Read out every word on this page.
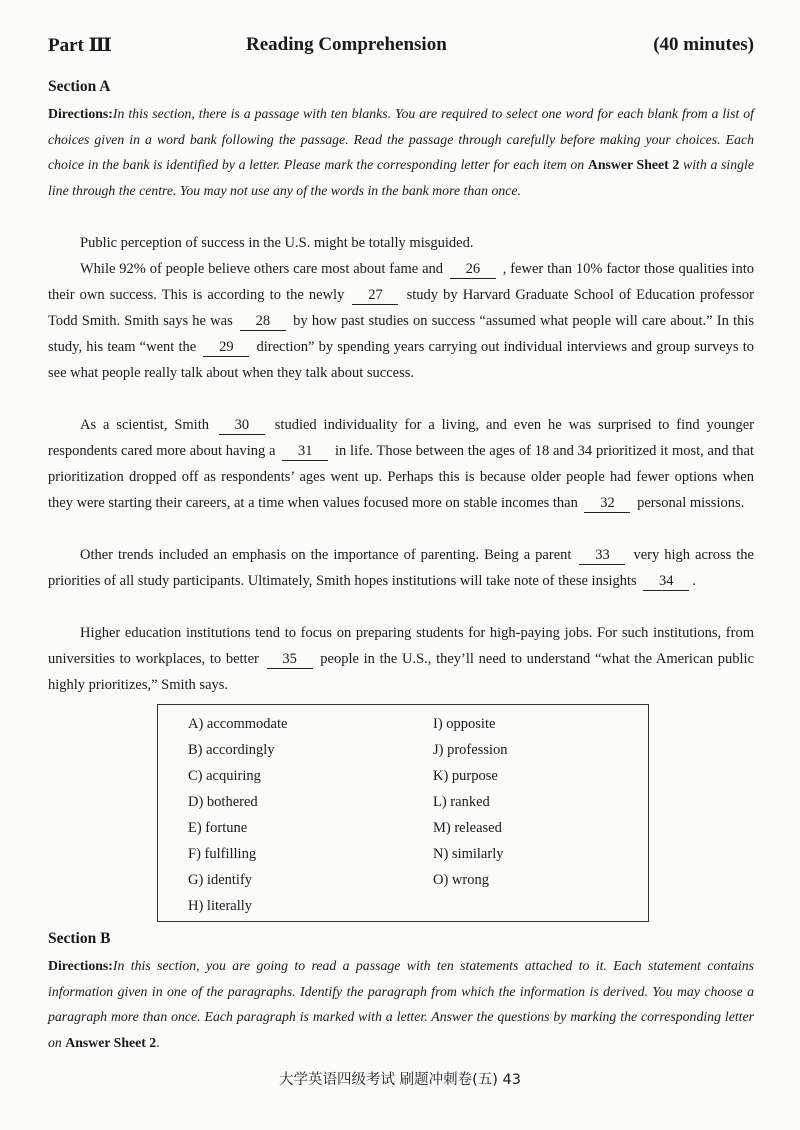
Part Ⅲ	Reading Comprehension	(40 minutes)
Section A
Directions:In this section, there is a passage with ten blanks. You are required to select one word for each blank from a list of choices given in a word bank following the passage. Read the passage through carefully before making your choices. Each choice in the bank is identified by a letter. Please mark the corresponding letter for each item on Answer Sheet 2 with a single line through the centre. You may not use any of the words in the bank more than once.

Public perception of success in the U.S. might be totally misguided.

While 92% of people believe others care most about fame and 26 , fewer than 10% factor those qualities into their own success. This is according to the newly 27 study by Harvard Graduate School of Education professor Todd Smith. Smith says he was 28 by how past studies on success “assumed what people will care about.” In this study, his team “went the 29 direction” by spending years carrying out individual interviews and group surveys to see what people really talk about when they talk about success.

As a scientist, Smith 30 studied individuality for a living, and even he was surprised to find younger respondents cared more about having a 31 in life. Those between the ages of 18 and 34 prioritized it most, and that prioritization dropped off as respondents’ ages went up. Perhaps this is because older people had fewer options when they were starting their careers, at a time when values focused more on stable incomes than 32 personal missions.

Other trends included an emphasis on the importance of parenting. Being a parent 33 very high across the priorities of all study participants. Ultimately, Smith hopes institutions will take note of these insights 34 .

Higher education institutions tend to focus on preparing students for high-paying jobs. For such institutions, from universities to workplaces, to better 35 people in the U.S., they’ll need to understand “what the American public highly prioritizes,” Smith says.

A) accommodate
B) accordingly
C) acquiring
D) bothered
E) fortune
F) fulfilling
G) identify
H) literally
I) opposite
J) profession
K) purpose
L) ranked
M) released
N) similarly
O) wrong
Section B
Directions:In this section, you are going to read a passage with ten statements attached to it. Each statement contains information given in one of the paragraphs. Identify the paragraph from which the information is derived. You may choose a paragraph more than once. Each paragraph is marked with a letter. Answer the questions by marking the corresponding letter on Answer Sheet 2.
大学英语四级考试 刷题冲刺卷(五) 43
